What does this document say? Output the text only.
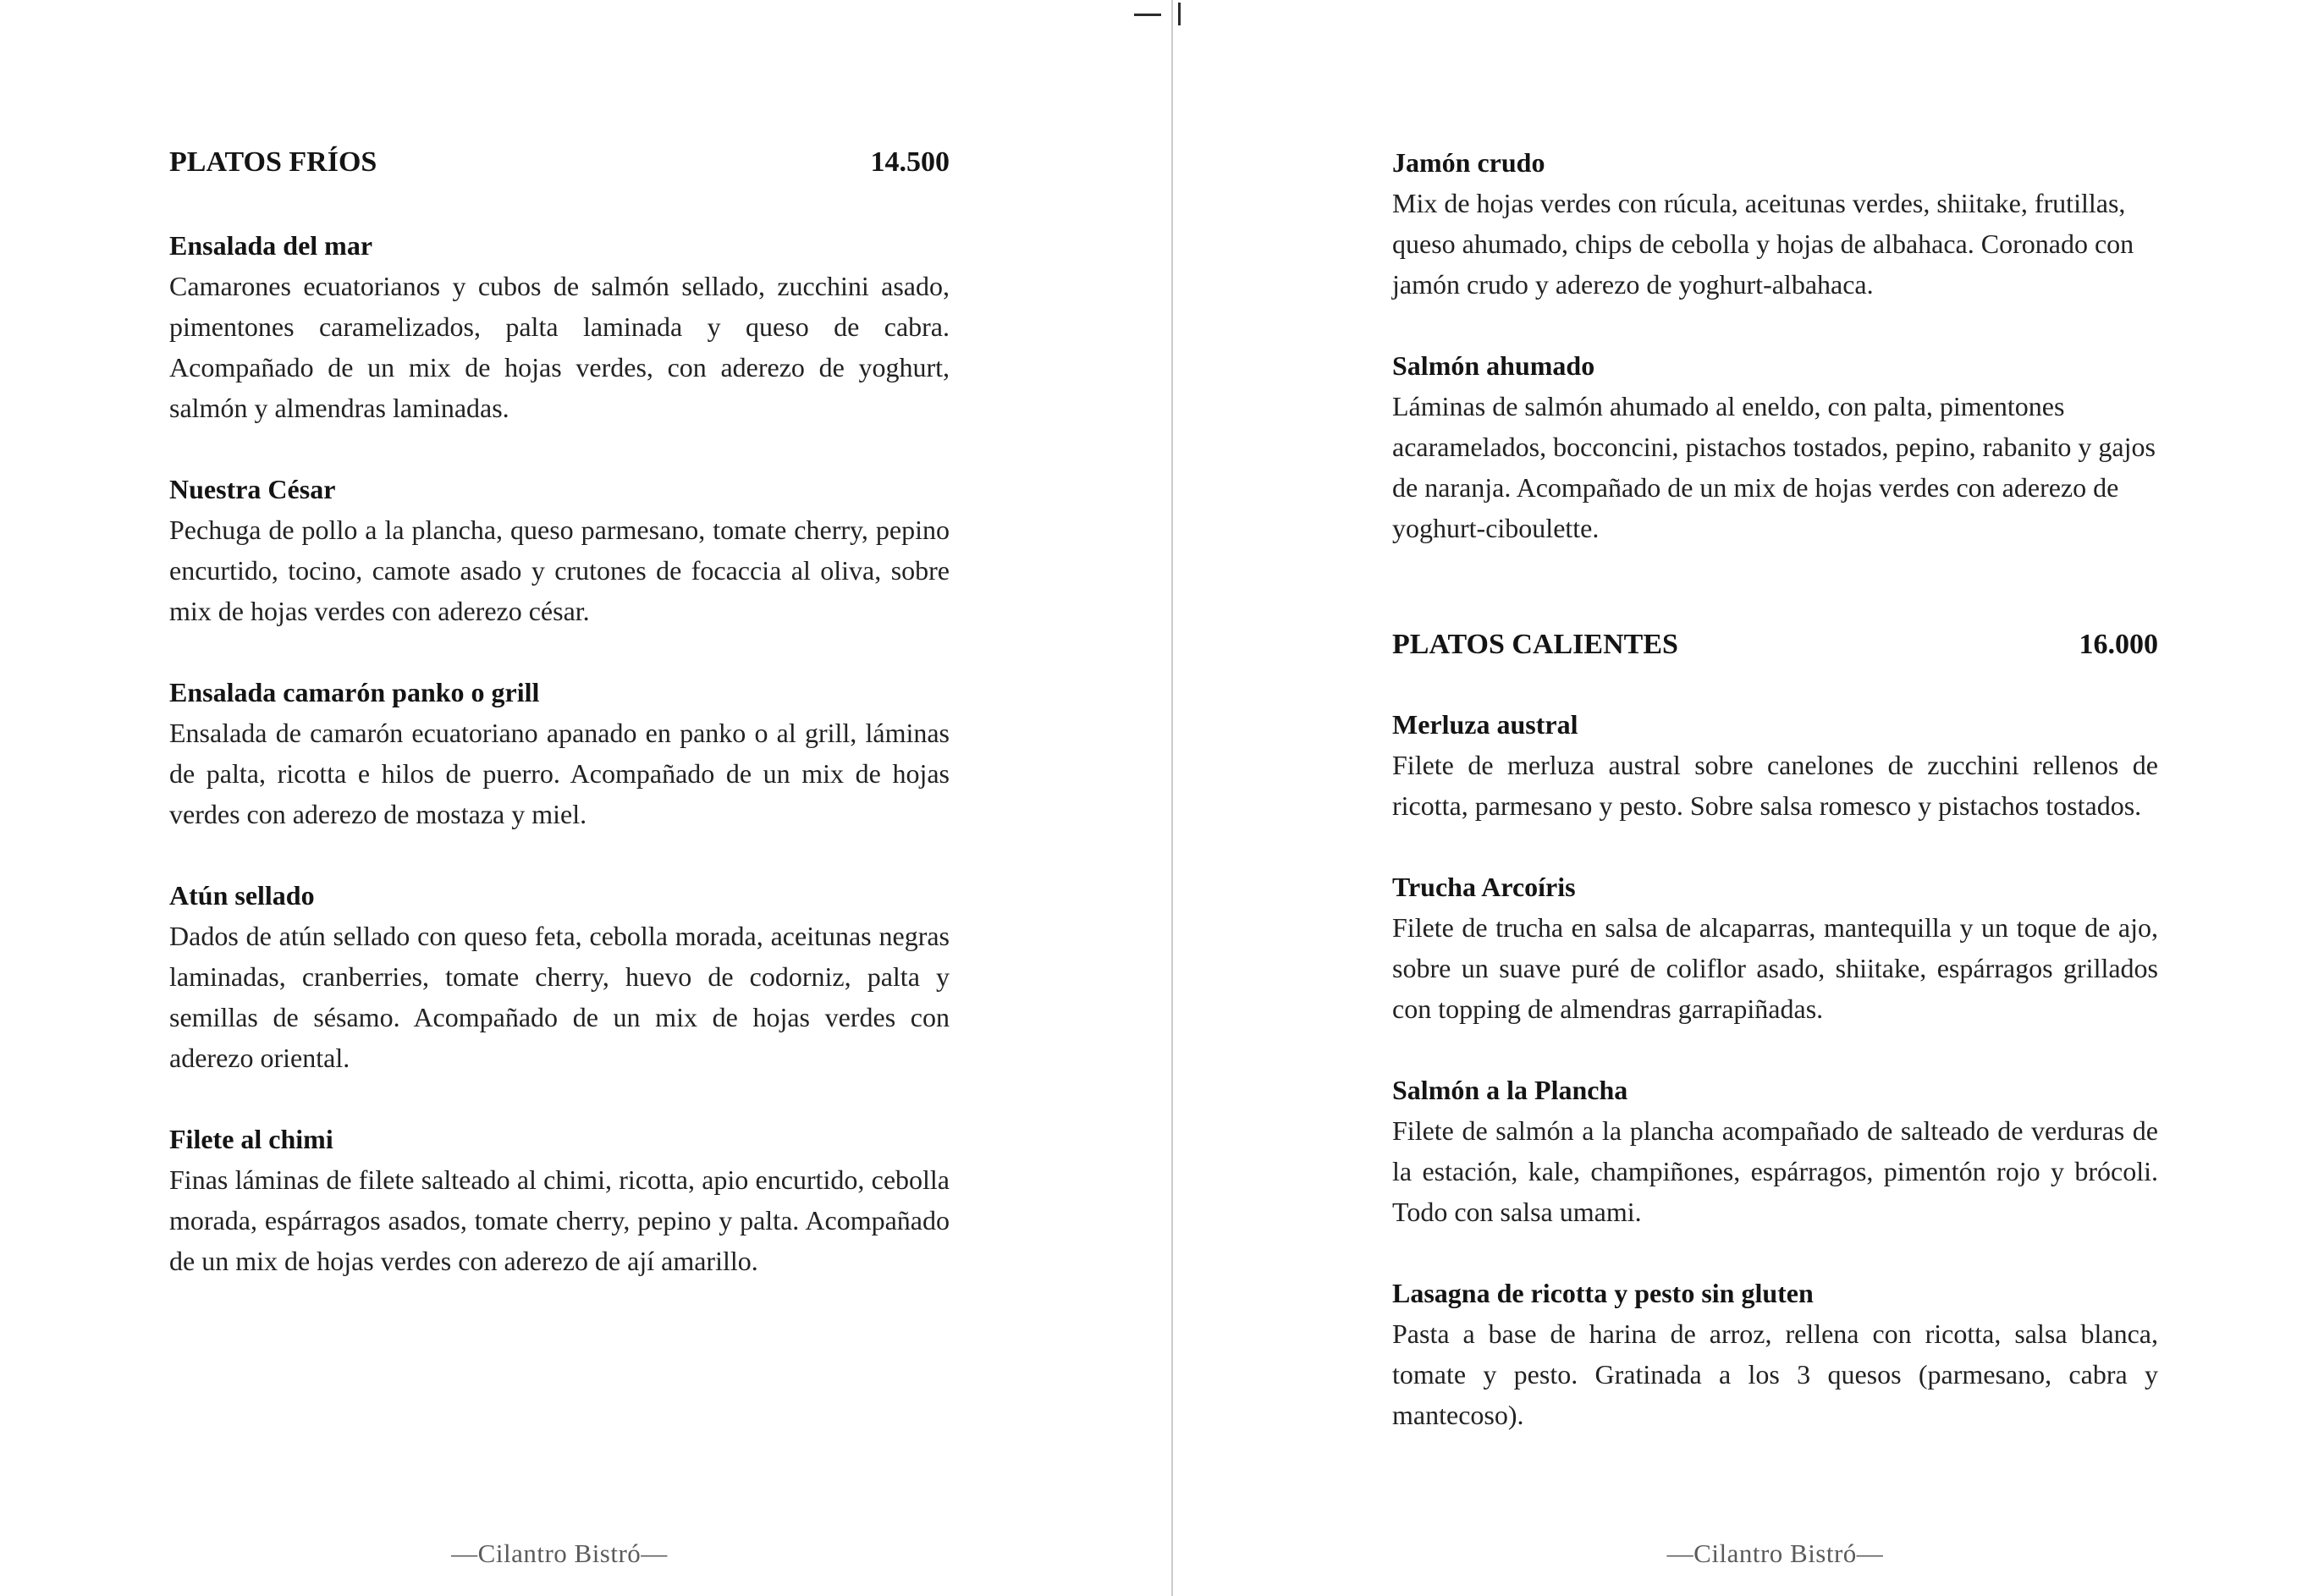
PLATOS FRÍOS	14.500
Ensalada del mar

Camarones ecuatorianos y cubos de salmón sellado, zucchini asado, pimentones caramelizados, palta laminada y queso de cabra. Acompañado de un mix de hojas verdes, con aderezo de yoghurt, salmón y almendras laminadas.

Nuestra César

Pechuga de pollo a la plancha, queso parmesano, tomate cherry, pepino encurtido, tocino, camote asado y crutones de focaccia al oliva, sobre mix de hojas verdes con aderezo césar.

Ensalada camarón panko o grill

Ensalada de camarón ecuatoriano apanado en panko o al grill, láminas de palta, ricotta e hilos de puerro. Acompañado de un mix de hojas verdes con aderezo de mostaza y miel.

Atún sellado

Dados de atún sellado con queso feta, cebolla morada, aceitunas negras laminadas, cranberries, tomate cherry, huevo de codorniz, palta y semillas de sésamo. Acompañado de un mix de hojas verdes con aderezo oriental.

Filete al chimi

Finas láminas de filete salteado al chimi, ricotta, apio encurtido, cebolla morada, espárragos asados, tomate cherry, pepino y palta. Acompañado de un mix de hojas verdes con aderezo de ají amarillo.

—Cilantro Bistró—
Jamón crudo

Mix de hojas verdes con rúcula, aceitunas verdes, shiitake, frutillas, queso ahumado, chips de cebolla y hojas de albahaca. Coronado con jamón crudo y aderezo de yoghurt-albahaca.

Salmón ahumado

Láminas de salmón ahumado al eneldo, con palta, pimentones acaramelados, bocconcini, pistachos tostados, pepino, rabanito y gajos de naranja. Acompañado de un mix de hojas verdes con aderezo de yoghurt-ciboulette.

PLATOS CALIENTES	16.000
Merluza austral

Filete de merluza austral sobre canelones de zucchini rellenos de ricotta, parmesano y pesto. Sobre salsa romesco y pistachos tostados.

Trucha Arcoíris

Filete de trucha en salsa de alcaparras, mantequilla y un toque de ajo, sobre un suave puré de coliflor asado, shiitake, espárragos grillados con topping de almendras garrapiñadas.

Salmón a la Plancha

Filete de salmón a la plancha acompañado de salteado de verduras de la estación, kale, champiñones, espárragos, pimentón rojo y brócoli. Todo con salsa umami.

Lasagna de ricotta y pesto sin gluten

Pasta a base de harina de arroz, rellena con ricotta, salsa blanca, tomate y pesto. Gratinada a los 3 quesos (parmesano, cabra y mantecoso).

—Cilantro Bistró—
